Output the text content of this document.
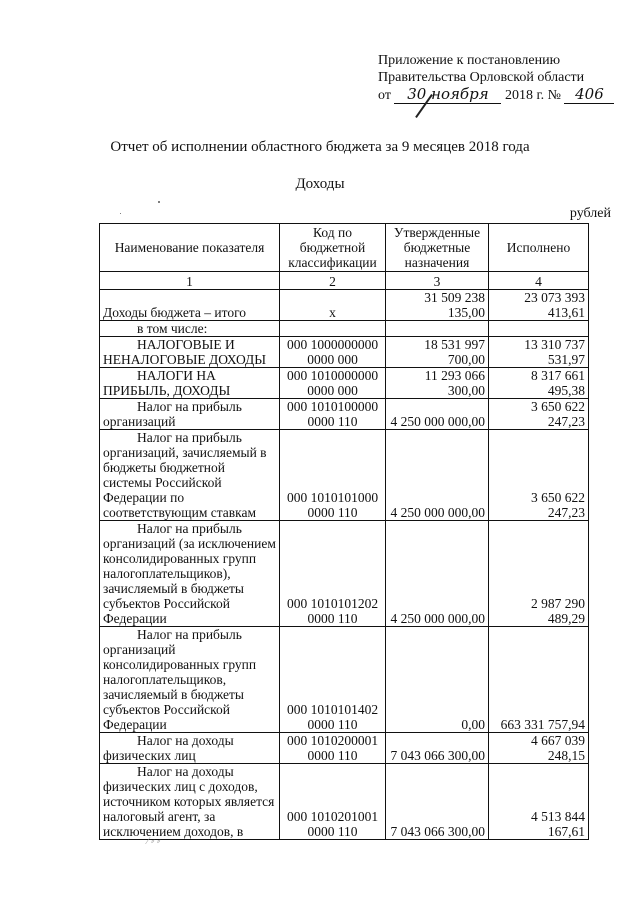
Приложение к постановлению
Правительства Орловской области
от 30 ноября 2018 г. № 406
Отчет об исполнении областного бюджета за 9 месяцев 2018 года
Доходы
рублей
Наименование показателя	Код по бюджетной классификации	Утвержденные бюджетные назначения	Исполнено
1	2	3	4
Доходы бюджета – итого	x	31 509 238 135,00	23 073 393 413,61

в том числе:			

НАЛОГОВЫЕ И
НЕНАЛОГОВЫЕ ДОХОДЫ	000 1000000000 0000 000	18 531 997 700,00	13 310 737 531,97

НАЛОГИ НА
ПРИБЫЛЬ, ДОХОДЫ	000 1010000000 0000 000	11 293 066 300,00	8 317 661 495,38

Налог на прибыль
организаций	000 1010100000 0000 110	4 250 000 000,00	3 650 622 247,23

Налог на прибыль
организаций, зачисляемый в бюджеты бюджетной системы Российской Федерации по соответствующим ставкам	000 1010101000 0000 110	4 250 000 000,00	3 650 622 247,23

Налог на прибыль
организаций (за исключением консолидированных групп налогоплательщиков), зачисляемый в бюджеты субъектов Российской Федерации	000 1010101202 0000 110	4 250 000 000,00	2 987 290 489,29

Налог на прибыль
организаций консолидированных групп налогоплательщиков, зачисляемый в бюджеты субъектов Российской Федерации	000 1010101402 0000 110	0,00	663 331 757,94

Налог на доходы
физических лиц	000 1010200001 0000 110	7 043 066 300,00	4 667 039 248,15

Налог на доходы
физических лиц с доходов, источником которых является налоговый агент, за исключением доходов, в	000 1010201001 0000 110	7 043 066 300,00	4 513 844 167,61
⁄ ⸗ ⸗
